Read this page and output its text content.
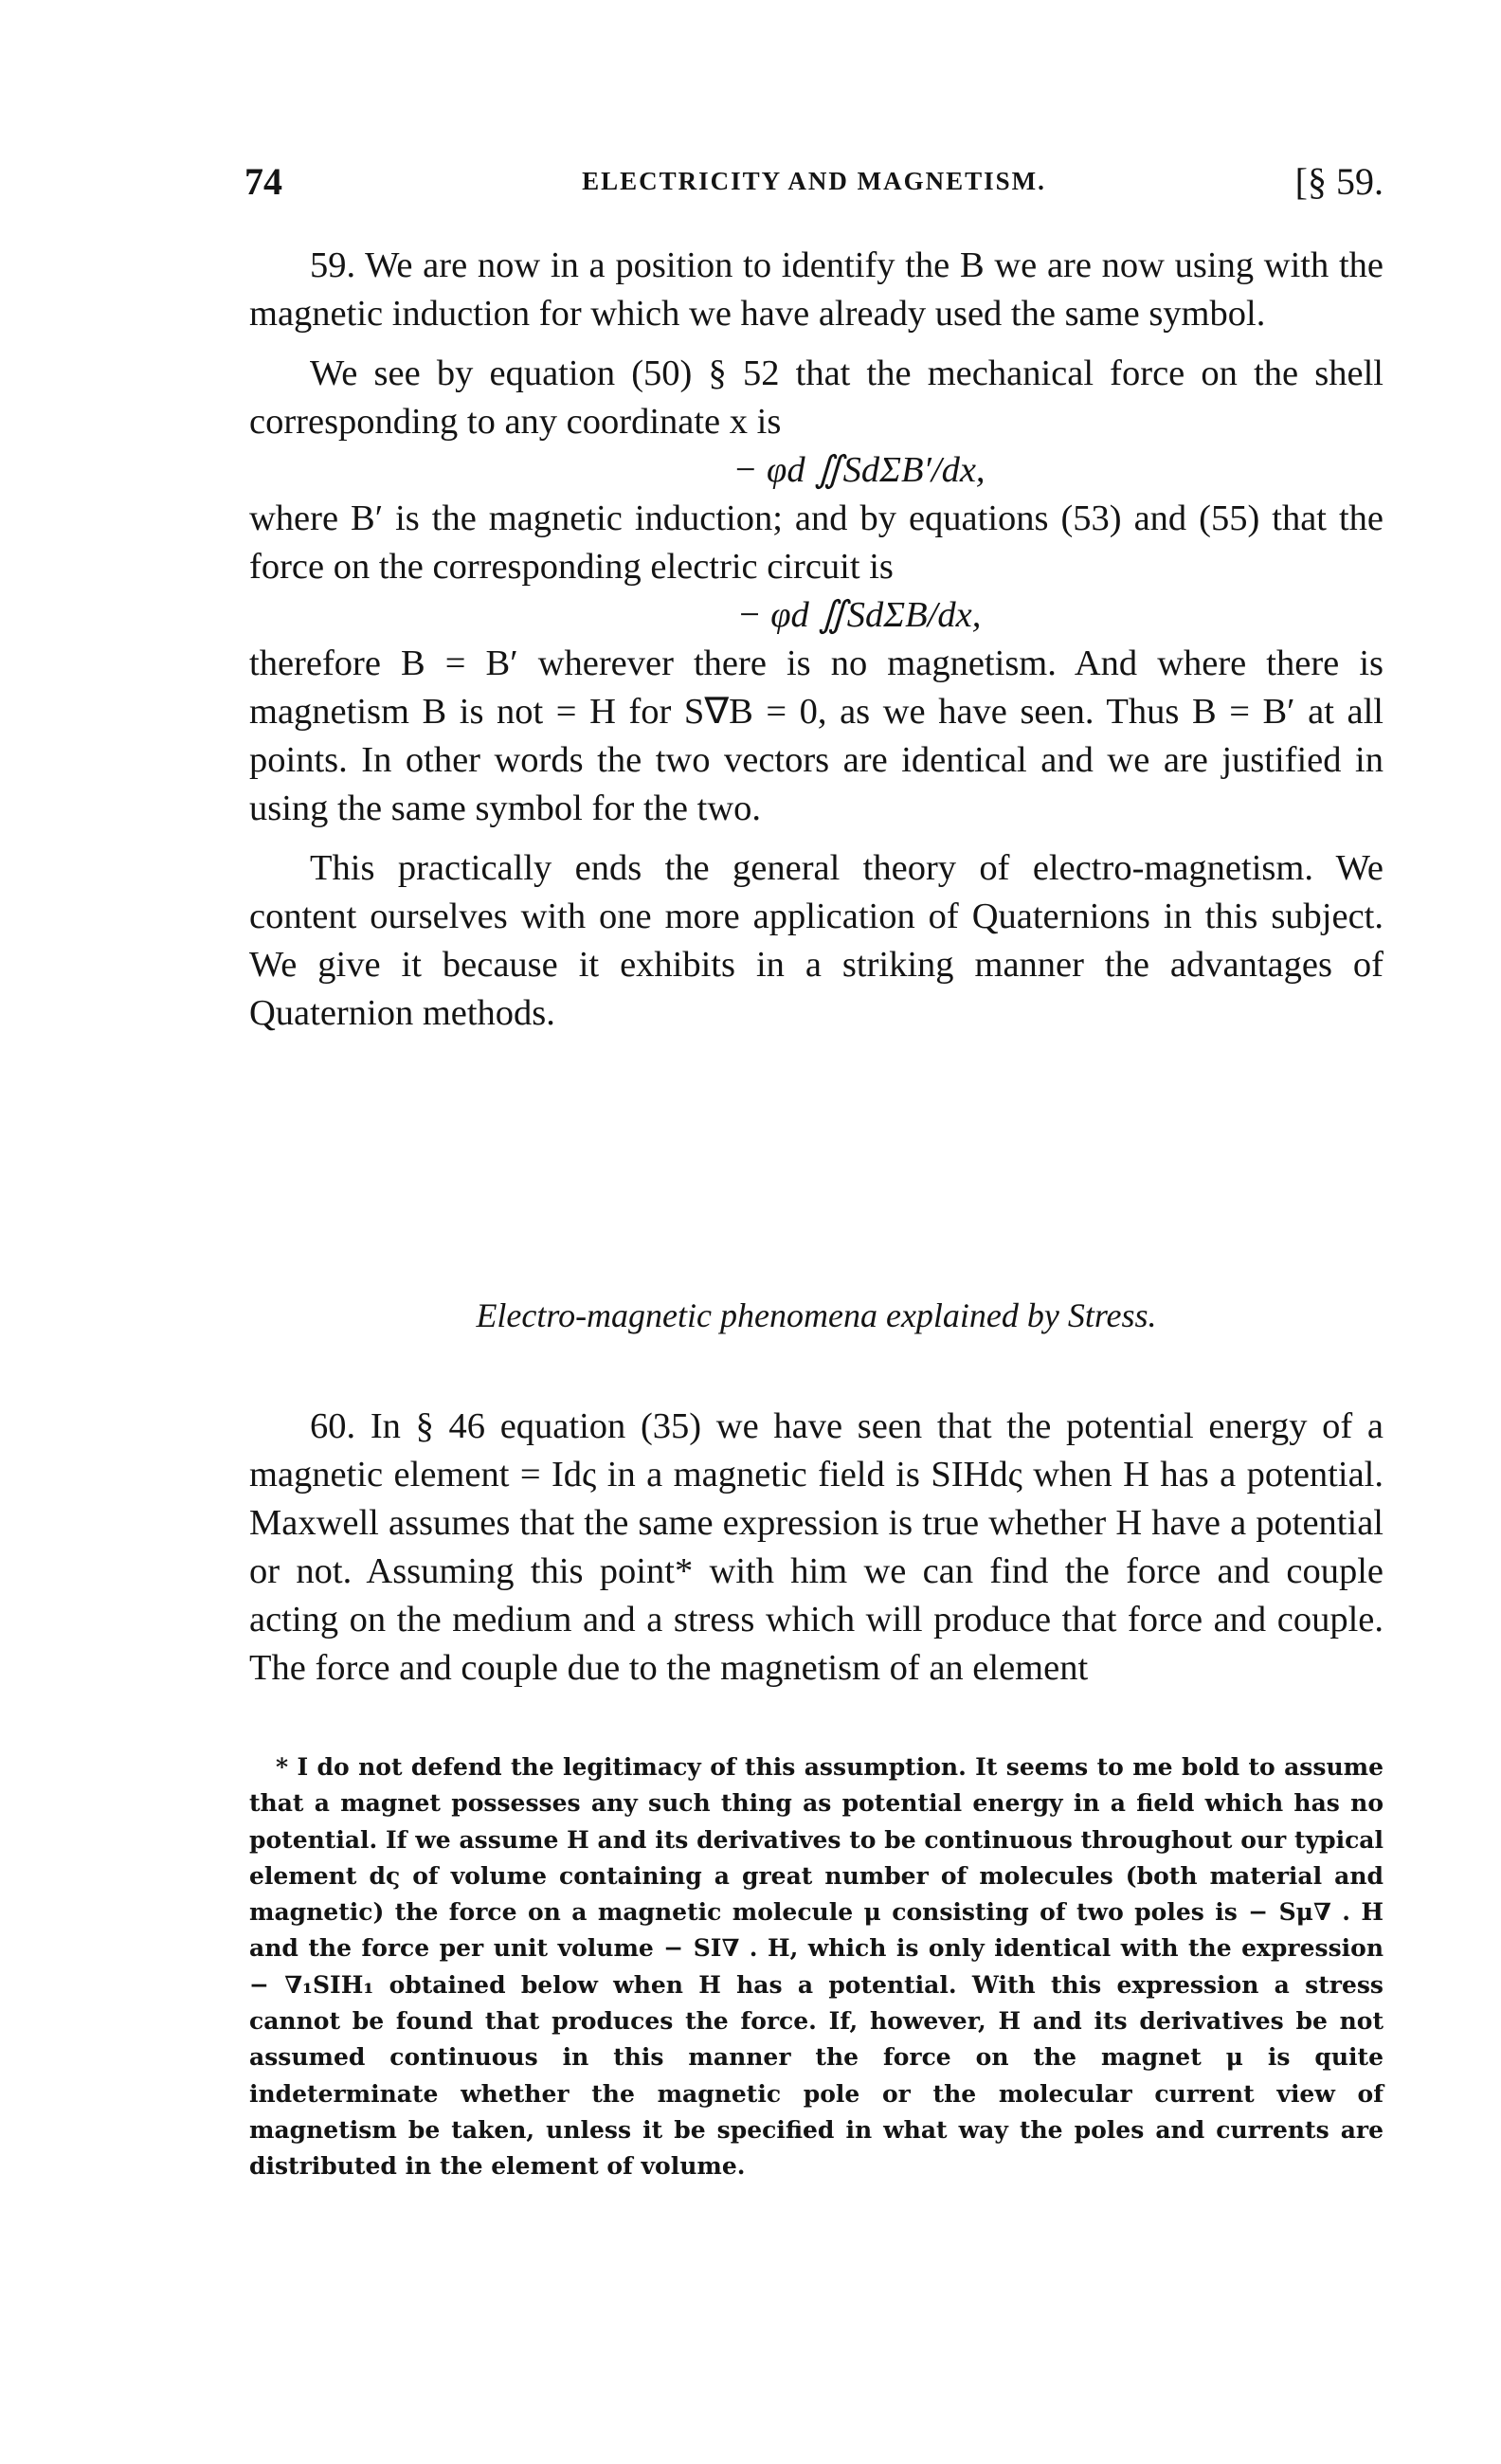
74	ELECTRICITY AND MAGNETISM.	[§ 59.

59. We are now in a position to identify the B we are now using with the magnetic induction for which we have already used the same symbol.

We see by equation (50) § 52 that the mechanical force on the shell corresponding to any coordinate x is

− φd ∬SdΣB′/dx,

where B′ is the magnetic induction; and by equations (53) and (55) that the force on the corresponding electric circuit is

− φd ∬SdΣB/dx,

therefore B = B′ wherever there is no magnetism. And where there is magnetism B is not = H for S∇B = 0, as we have seen. Thus B = B′ at all points. In other words the two vectors are identical and we are justified in using the same symbol for the two.

This practically ends the general theory of electro-magnetism. We content ourselves with one more application of Quaternions in this subject. We give it because it exhibits in a striking manner the advantages of Quaternion methods.

Electro-magnetic phenomena explained by Stress.

60. In § 46 equation (35) we have seen that the potential energy of a magnetic element = Idς in a magnetic field is SIHdς when H has a potential. Maxwell assumes that the same expression is true whether H have a potential or not. Assuming this point* with him we can find the force and couple acting on the medium and a stress which will produce that force and couple. The force and couple due to the magnetism of an element

* I do not defend the legitimacy of this assumption. It seems to me bold to assume that a magnet possesses any such thing as potential energy in a field which has no potential. If we assume H and its derivatives to be continuous throughout our typical element dς of volume containing a great number of molecules (both material and magnetic) the force on a magnetic molecule μ consisting of two poles is − Sμ∇ . H and the force per unit volume − SI∇ . H, which is only identical with the expression − ∇₁SIH₁ obtained below when H has a potential. With this expression a stress cannot be found that produces the force. If, however, H and its derivatives be not assumed continuous in this manner the force on the magnet μ is quite indeterminate whether the magnetic pole or the molecular current view of magnetism be taken, unless it be specified in what way the poles and currents are distributed in the element of volume.
